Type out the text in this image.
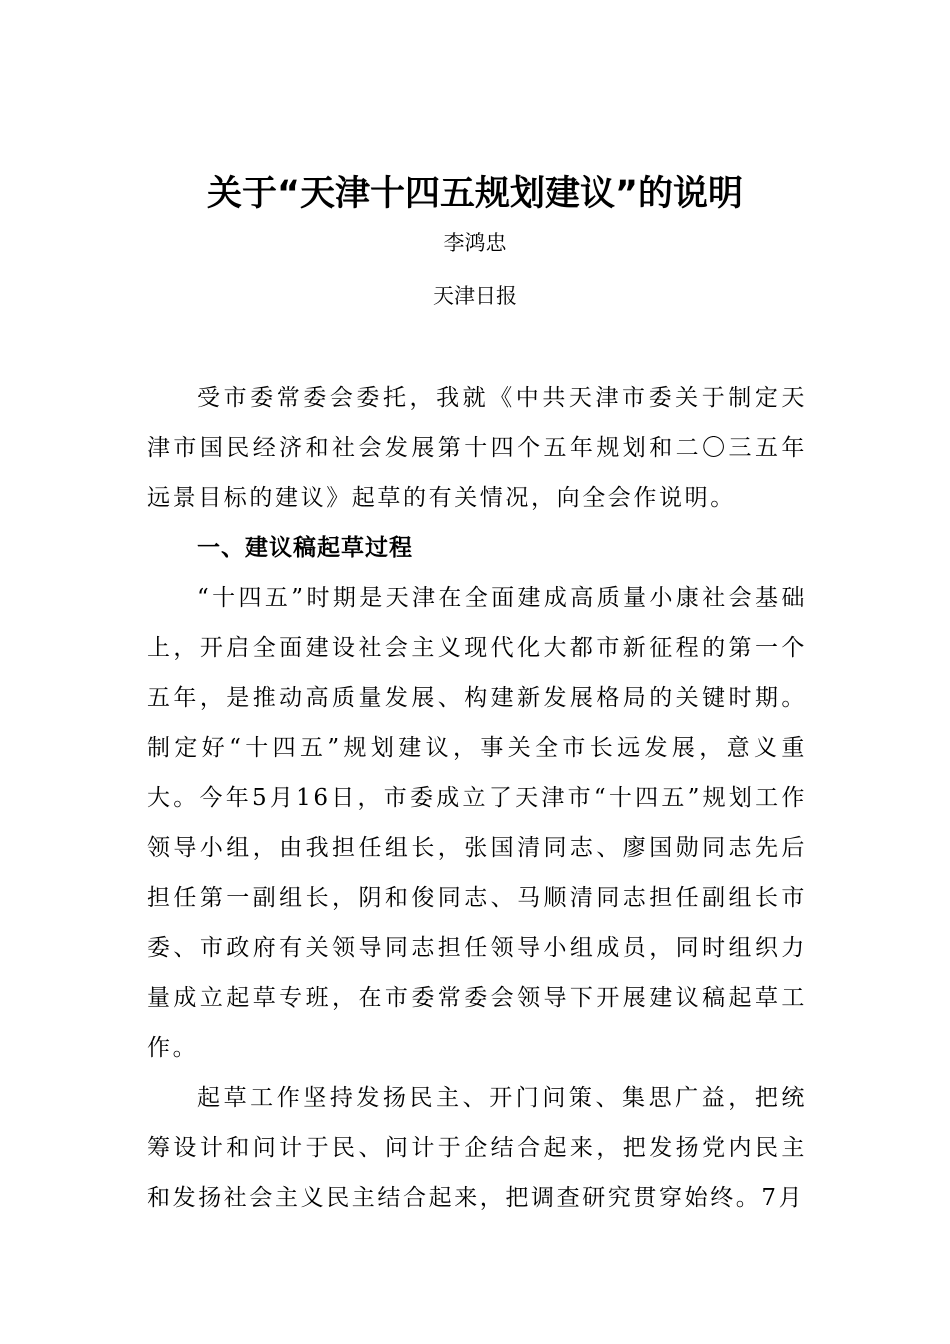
关于“天津十四五规划建议”的说明
李鸿忠
天津日报

受市委常委会委托，我就《中共天津市委关于制定天津市国民经济和社会发展第十四个五年规划和二〇三五年远景目标的建议》起草的有关情况，向全会作说明。

一、建议稿起草过程

“十四五”时期是天津在全面建成高质量小康社会基础上，开启全面建设社会主义现代化大都市新征程的第一个五年，是推动高质量发展、构建新发展格局的关键时期。制定好“十四五”规划建议，事关全市长远发展，意义重大。今年5月16日，市委成立了天津市“十四五”规划工作领导小组，由我担任组长，张国清同志、廖国勋同志先后担任第一副组长，阴和俊同志、马顺清同志担任副组长市委、市政府有关领导同志担任领导小组成员，同时组织力量成立起草专班，在市委常委会领导下开展建议稿起草工作。

起草工作坚持发扬民主、开门问策、集思广益，把统筹设计和问计于民、问计于企结合起来，把发扬党内民主和发扬社会主义民主结合起来，把调查研究贯穿始终。7月
